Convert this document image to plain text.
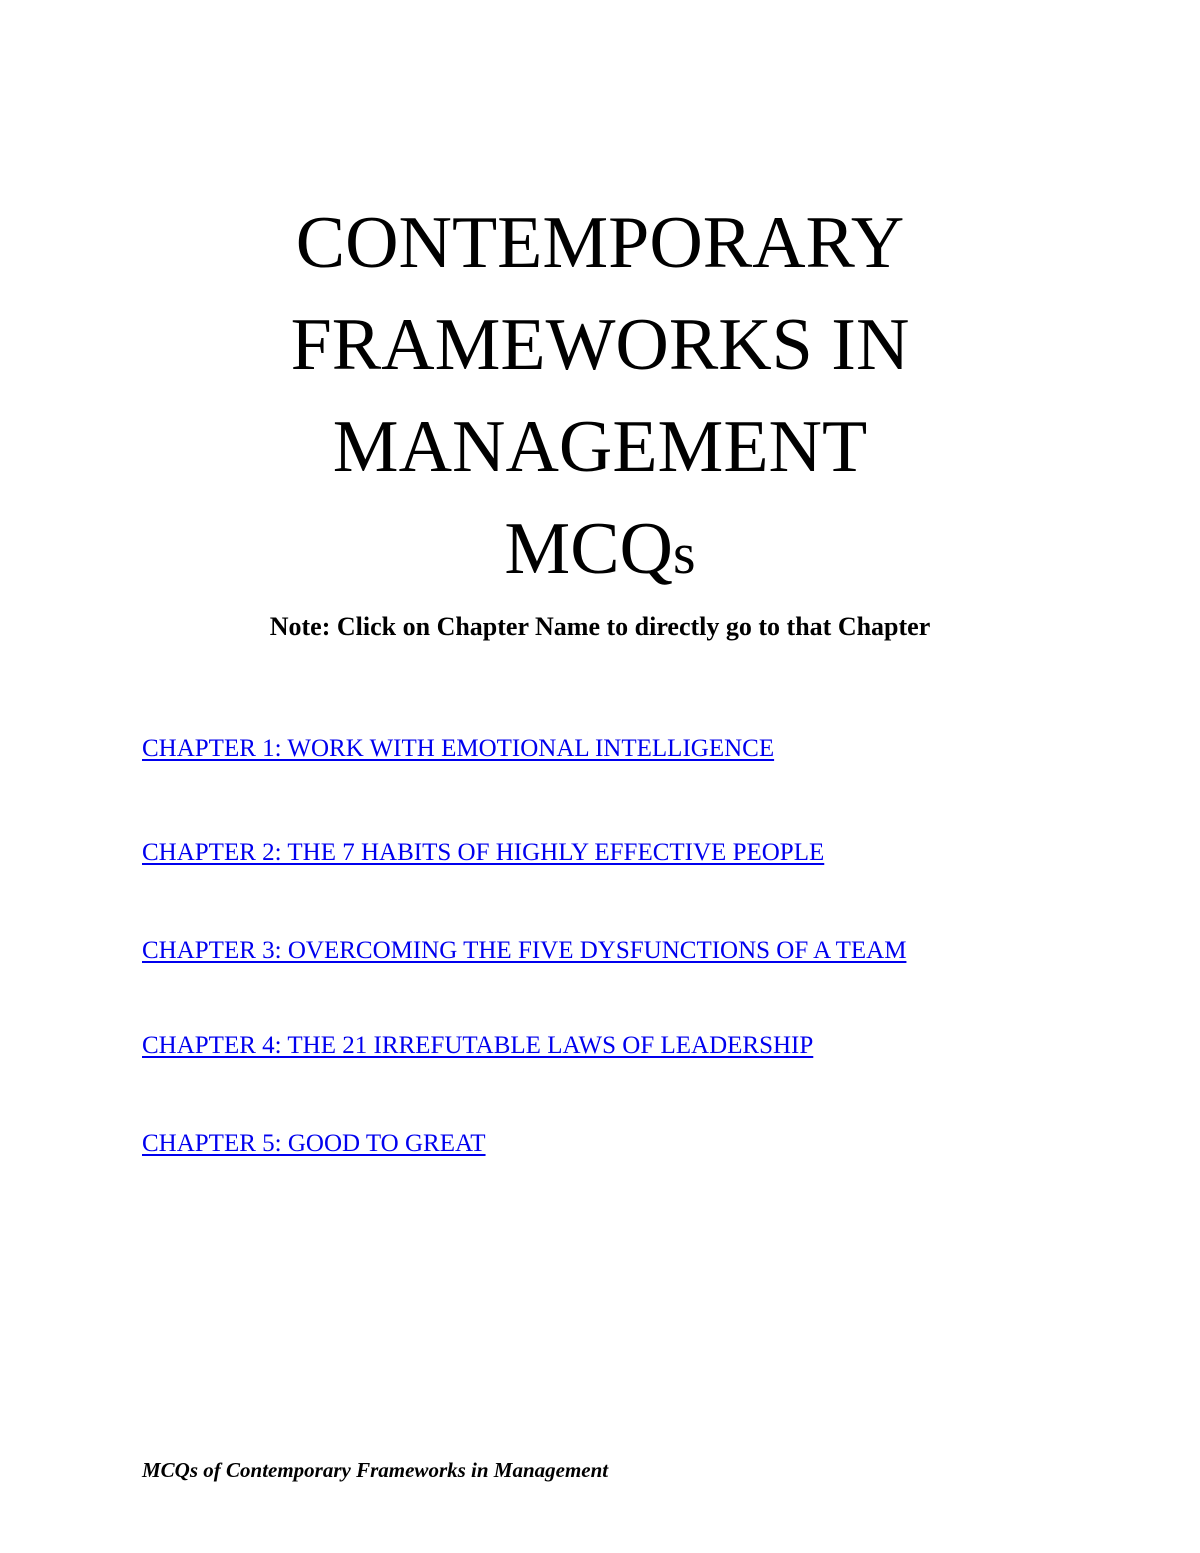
CONTEMPORARY
FRAMEWORKS IN
MANAGEMENT
MCQs
Note: Click on Chapter Name to directly go to that Chapter
CHAPTER 1: WORK WITH EMOTIONAL INTELLIGENCE
CHAPTER 2: THE 7 HABITS OF HIGHLY EFFECTIVE PEOPLE
CHAPTER 3: OVERCOMING THE FIVE DYSFUNCTIONS OF A TEAM
CHAPTER 4: THE 21 IRREFUTABLE LAWS OF LEADERSHIP
CHAPTER 5: GOOD TO GREAT
MCQs of Contemporary Frameworks in Management
